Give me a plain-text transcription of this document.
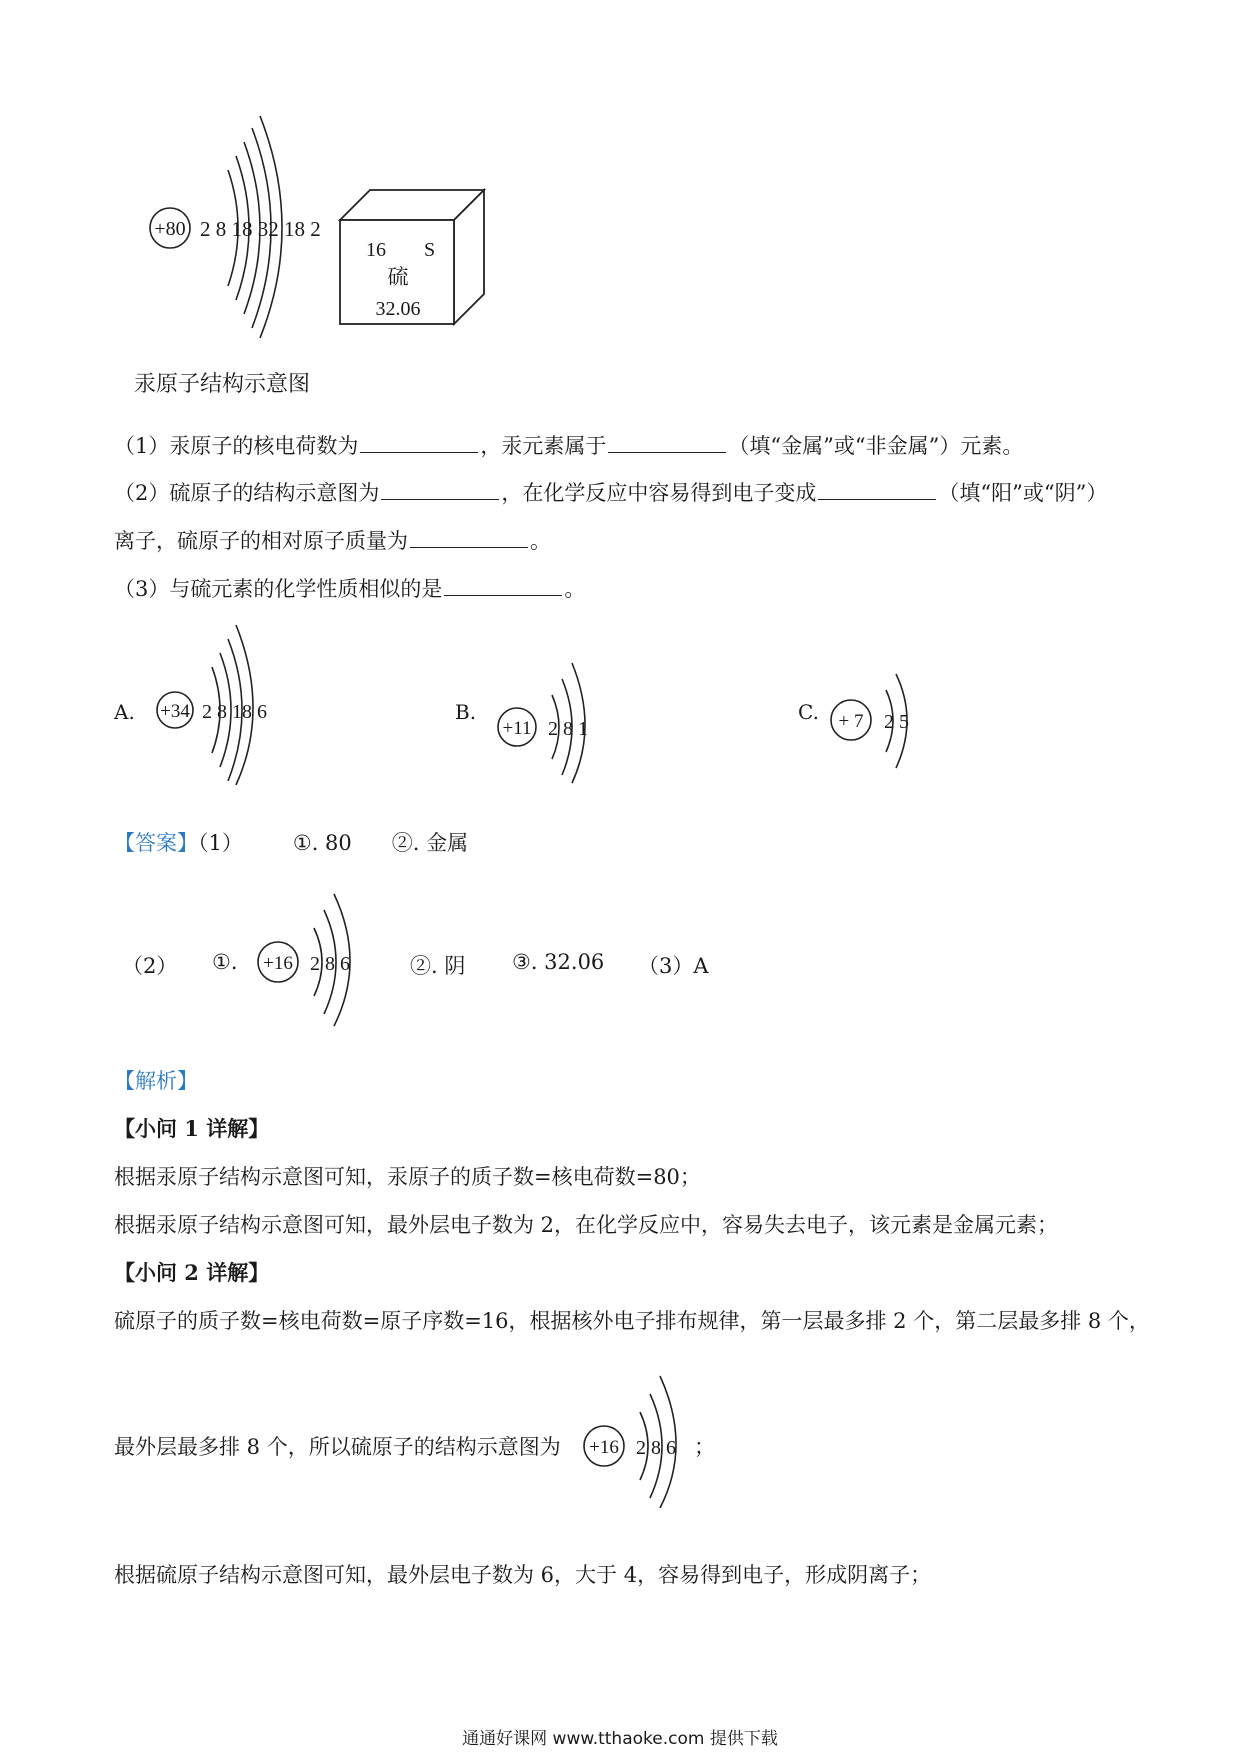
+80 2 8 18 32 18 2
16 S
硫
32.06
汞原子结构示意图
（1）汞原子的核电荷数为	，汞元素属于	（填“金属”或“非金属”）元素。
（2）硫原子的结构示意图为	，在化学反应中容易得到电子变成	（填“阳”或“阴”）
离子，硫原子的相对原子质量为	。
（3）与硫元素的化学性质相似的是	。
A. +34 2 8 18 6	B.
+11 2 8 1
C. + 7 2 5
【答案】（1） ①. 80 ②. 金属
（2） ①. +16 2 8 6	②. 阴 ③. 32.06 （3）A
【解析】
【小问 1 详解】
根据汞原子结构示意图可知，汞原子的质子数=核电荷数=80；
根据汞原子结构示意图可知，最外层电子数为 2，在化学反应中，容易失去电子，该元素是金属元素；
【小问 2 详解】
硫原子的质子数=核电荷数=原子序数=16，根据核外电子排布规律，第一层最多排 2 个，第二层最多排 8 个，
最外层最多排 8 个，所以硫原子的结构示意图为 +16 2 8 6 ；
根据硫原子结构示意图可知，最外层电子数为 6，大于 4，容易得到电子，形成阴离子；
通通好课网 www.tthaoke.com 提供下载
